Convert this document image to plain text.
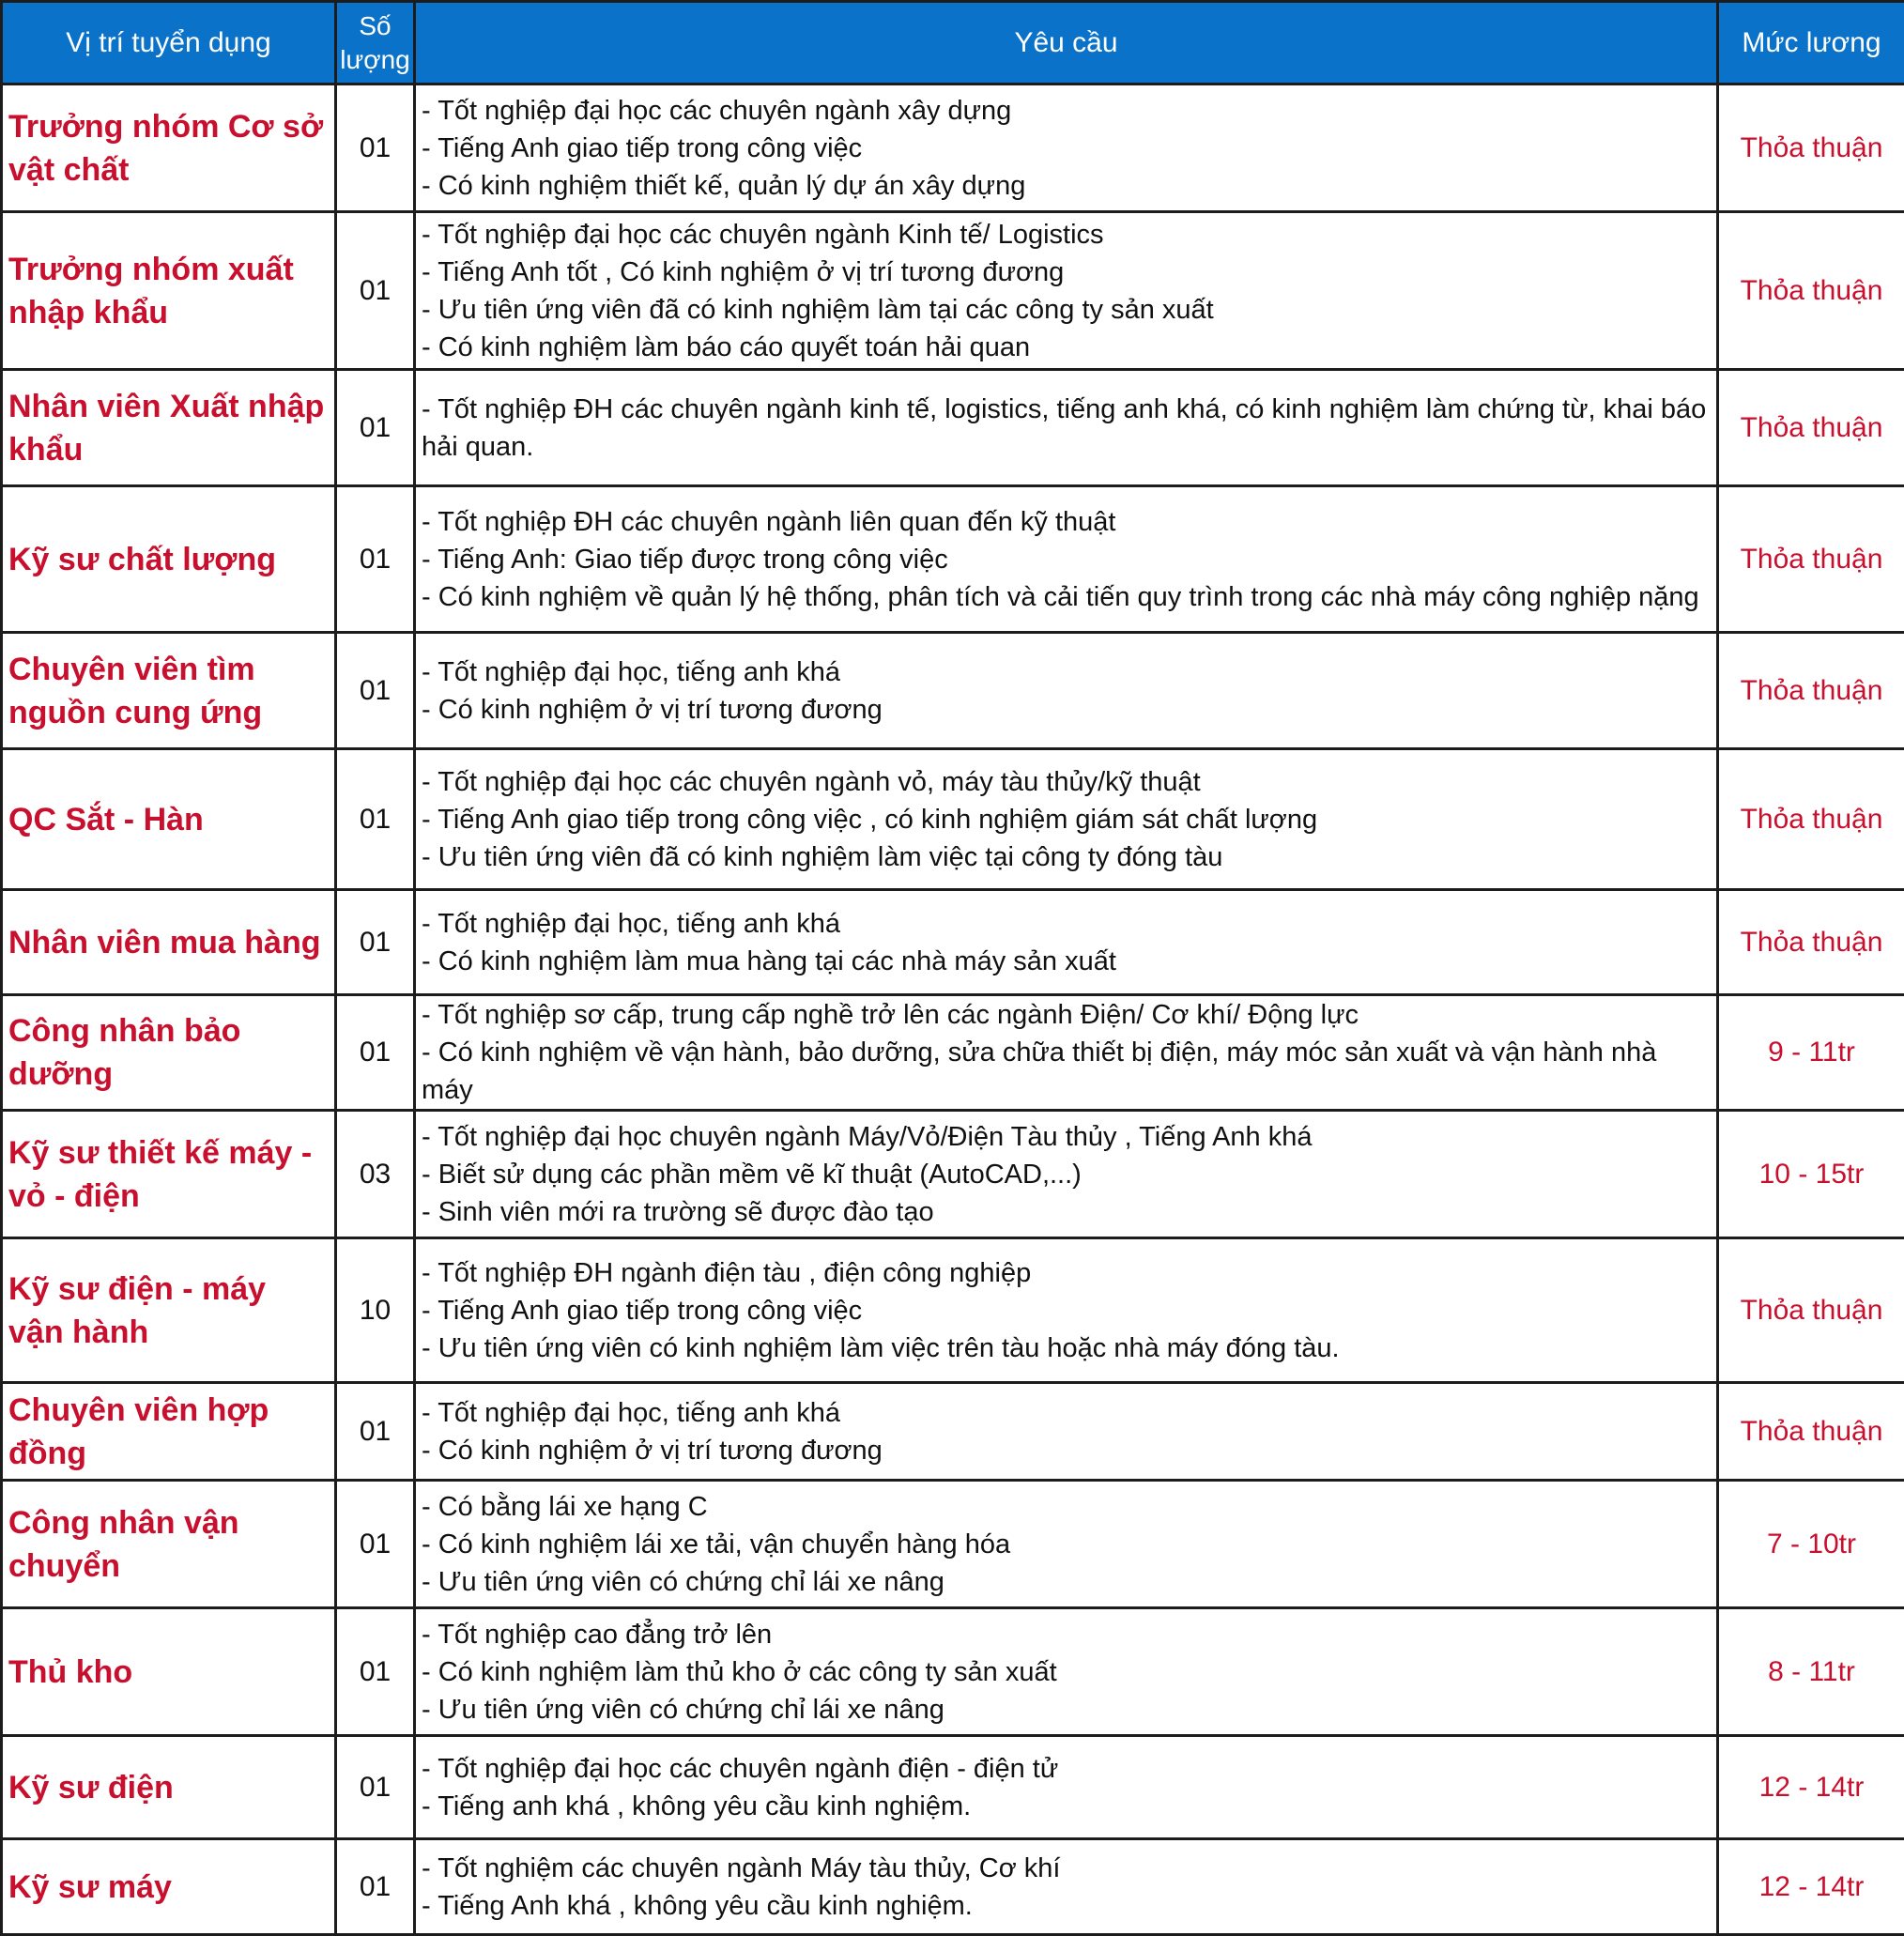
Vị trí tuyển dụng	Số lượng	Yêu cầu	Mức lương
Trưởng nhóm Cơ sở vật chất	01	- Tốt nghiệp đại học các chuyên ngành xây dựng
- Tiếng Anh giao tiếp trong công việc
- Có kinh nghiệm thiết kế, quản lý dự án xây dựng	Thỏa thuận
Trưởng nhóm xuất nhập khẩu	01	- Tốt nghiệp đại học các chuyên ngành Kinh tế/ Logistics
- Tiếng Anh tốt , Có kinh nghiệm ở vị trí tương đương
- Ưu tiên ứng viên đã có kinh nghiệm làm tại các công ty sản xuất
- Có kinh nghiệm làm báo cáo quyết toán hải quan	Thỏa thuận
Nhân viên Xuất nhập khẩu	01	- Tốt nghiệp ĐH các chuyên ngành kinh tế, logistics, tiếng anh khá, có kinh nghiệm làm chứng từ, khai báo hải quan.	Thỏa thuận
Kỹ sư chất lượng	01	- Tốt nghiệp ĐH các chuyên ngành liên quan đến kỹ thuật
- Tiếng Anh: Giao tiếp được trong công việc
- Có kinh nghiệm về quản lý hệ thống, phân tích và cải tiến quy trình trong các nhà máy công nghiệp nặng	Thỏa thuận
Chuyên viên tìm nguồn cung ứng	01	- Tốt nghiệp đại học, tiếng anh khá
- Có kinh nghiệm ở vị trí tương đương	Thỏa thuận
QC Sắt - Hàn	01	- Tốt nghiệp đại học các chuyên ngành vỏ, máy tàu thủy/kỹ thuật
- Tiếng Anh giao tiếp trong công việc , có kinh nghiệm giám sát chất lượng
- Ưu tiên ứng viên đã có kinh nghiệm làm việc tại công ty đóng tàu	Thỏa thuận
Nhân viên mua hàng	01	- Tốt nghiệp đại học, tiếng anh khá
- Có kinh nghiệm làm mua hàng tại các nhà máy sản xuất	Thỏa thuận
Công nhân bảo dưỡng	01	- Tốt nghiệp sơ cấp, trung cấp nghề trở lên các ngành Điện/ Cơ khí/ Động lực
- Có kinh nghiệm về vận hành, bảo dưỡng, sửa chữa thiết bị điện, máy móc sản xuất và vận hành nhà máy	9 - 11tr
Kỹ sư thiết kế máy - vỏ - điện	03	- Tốt nghiệp đại học chuyên ngành Máy/Vỏ/Điện Tàu thủy , Tiếng Anh khá
- Biết sử dụng các phần mềm vẽ kĩ thuật (AutoCAD,...)
- Sinh viên mới ra trường sẽ được đào tạo	10 - 15tr
Kỹ sư điện - máy vận hành	10	- Tốt nghiệp ĐH ngành điện tàu , điện công nghiệp
- Tiếng Anh giao tiếp trong công việc
- Ưu tiên ứng viên có kinh nghiệm làm việc trên tàu hoặc nhà máy đóng tàu.	Thỏa thuận
Chuyên viên hợp đồng	01	- Tốt nghiệp đại học, tiếng anh khá
- Có kinh nghiệm ở vị trí tương đương	Thỏa thuận
Công nhân vận chuyển	01	- Có bằng lái xe hạng C
- Có kinh nghiệm lái xe tải, vận chuyển hàng hóa
- Ưu tiên ứng viên có chứng chỉ lái xe nâng	7 - 10tr
Thủ kho	01	- Tốt nghiệp cao đẳng trở lên
- Có kinh nghiệm làm thủ kho ở các công ty sản xuất
- Ưu tiên ứng viên có chứng chỉ lái xe nâng	8 - 11tr
Kỹ sư điện	01	- Tốt nghiệp đại học các chuyên ngành điện - điện tử
- Tiếng anh khá , không yêu cầu kinh nghiệm.	12 - 14tr
Kỹ sư máy	01	- Tốt nghiệm các chuyên ngành Máy tàu thủy, Cơ khí
- Tiếng Anh khá , không yêu cầu kinh nghiệm.	12 - 14tr
